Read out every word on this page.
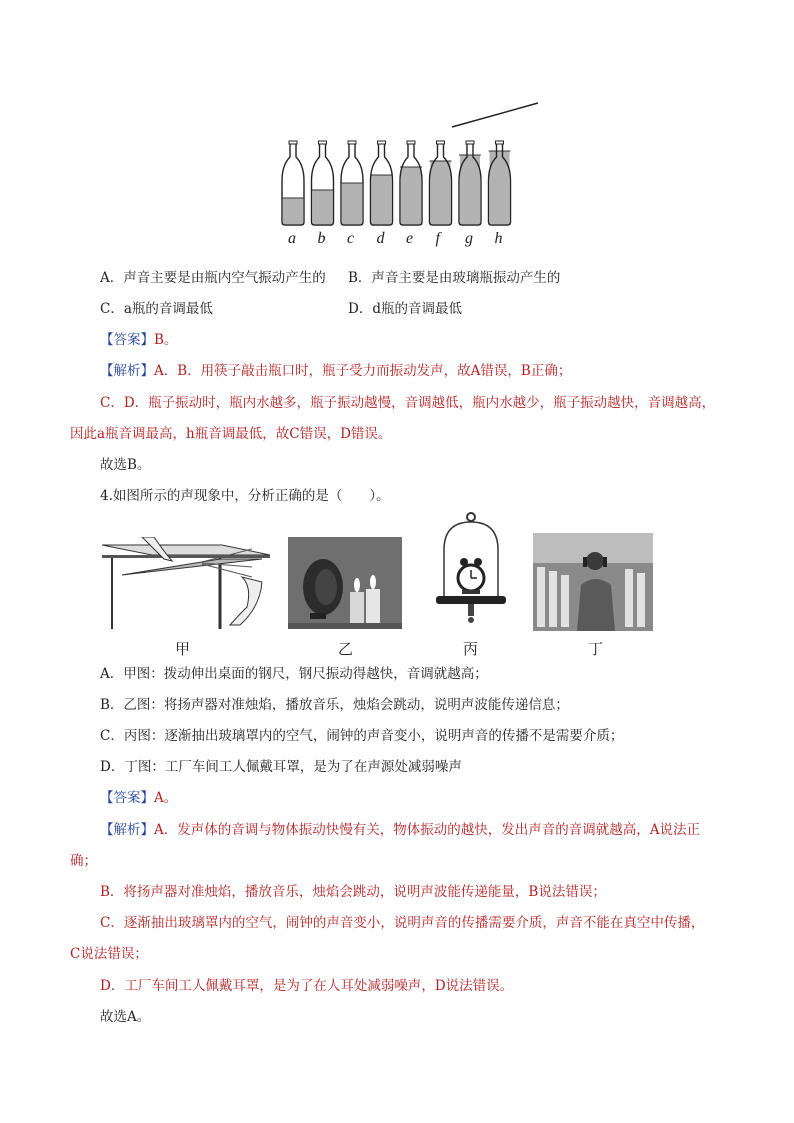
a b c d e f g h
A．声音主要是由瓶内空气振动产生的 B．声音主要是由玻璃瓶振动产生的
C．a瓶的音调最低	D．d瓶的音调最低
【答案】B。
【解析】A．B．用筷子敲击瓶口时，瓶子受力而振动发声，故A错误，B正确；
C．D．瓶子振动时，瓶内水越多，瓶子振动越慢，音调越低，瓶内水越少，瓶子振动越快，音调越高，
因此a瓶音调最高，h瓶音调最低，故C错误，D错误。
故选B。
4.如图所示的声现象中，分析正确的是（　　）。
甲	乙	丙	丁
A．甲图：拨动伸出桌面的钢尺，钢尺振动得越快，音调就越高；
B．乙图：将扬声器对准烛焰，播放音乐，烛焰会跳动，说明声波能传递信息；
C．丙图：逐渐抽出玻璃罩内的空气，闹钟的声音变小，说明声音的传播不是需要介质；
D．丁图：工厂车间工人佩戴耳罩，是为了在声源处减弱噪声
【答案】A。
【解析】A．发声体的音调与物体振动快慢有关，物体振动的越快，发出声音的音调就越高，A说法正
确；
B．将扬声器对准烛焰，播放音乐，烛焰会跳动，说明声波能传递能量，B说法错误；
C．逐渐抽出玻璃罩内的空气，闹钟的声音变小，说明声音的传播需要介质，声音不能在真空中传播，
C说法错误；
D．工厂车间工人佩戴耳罩，是为了在人耳处减弱噪声，D说法错误。
故选A。
